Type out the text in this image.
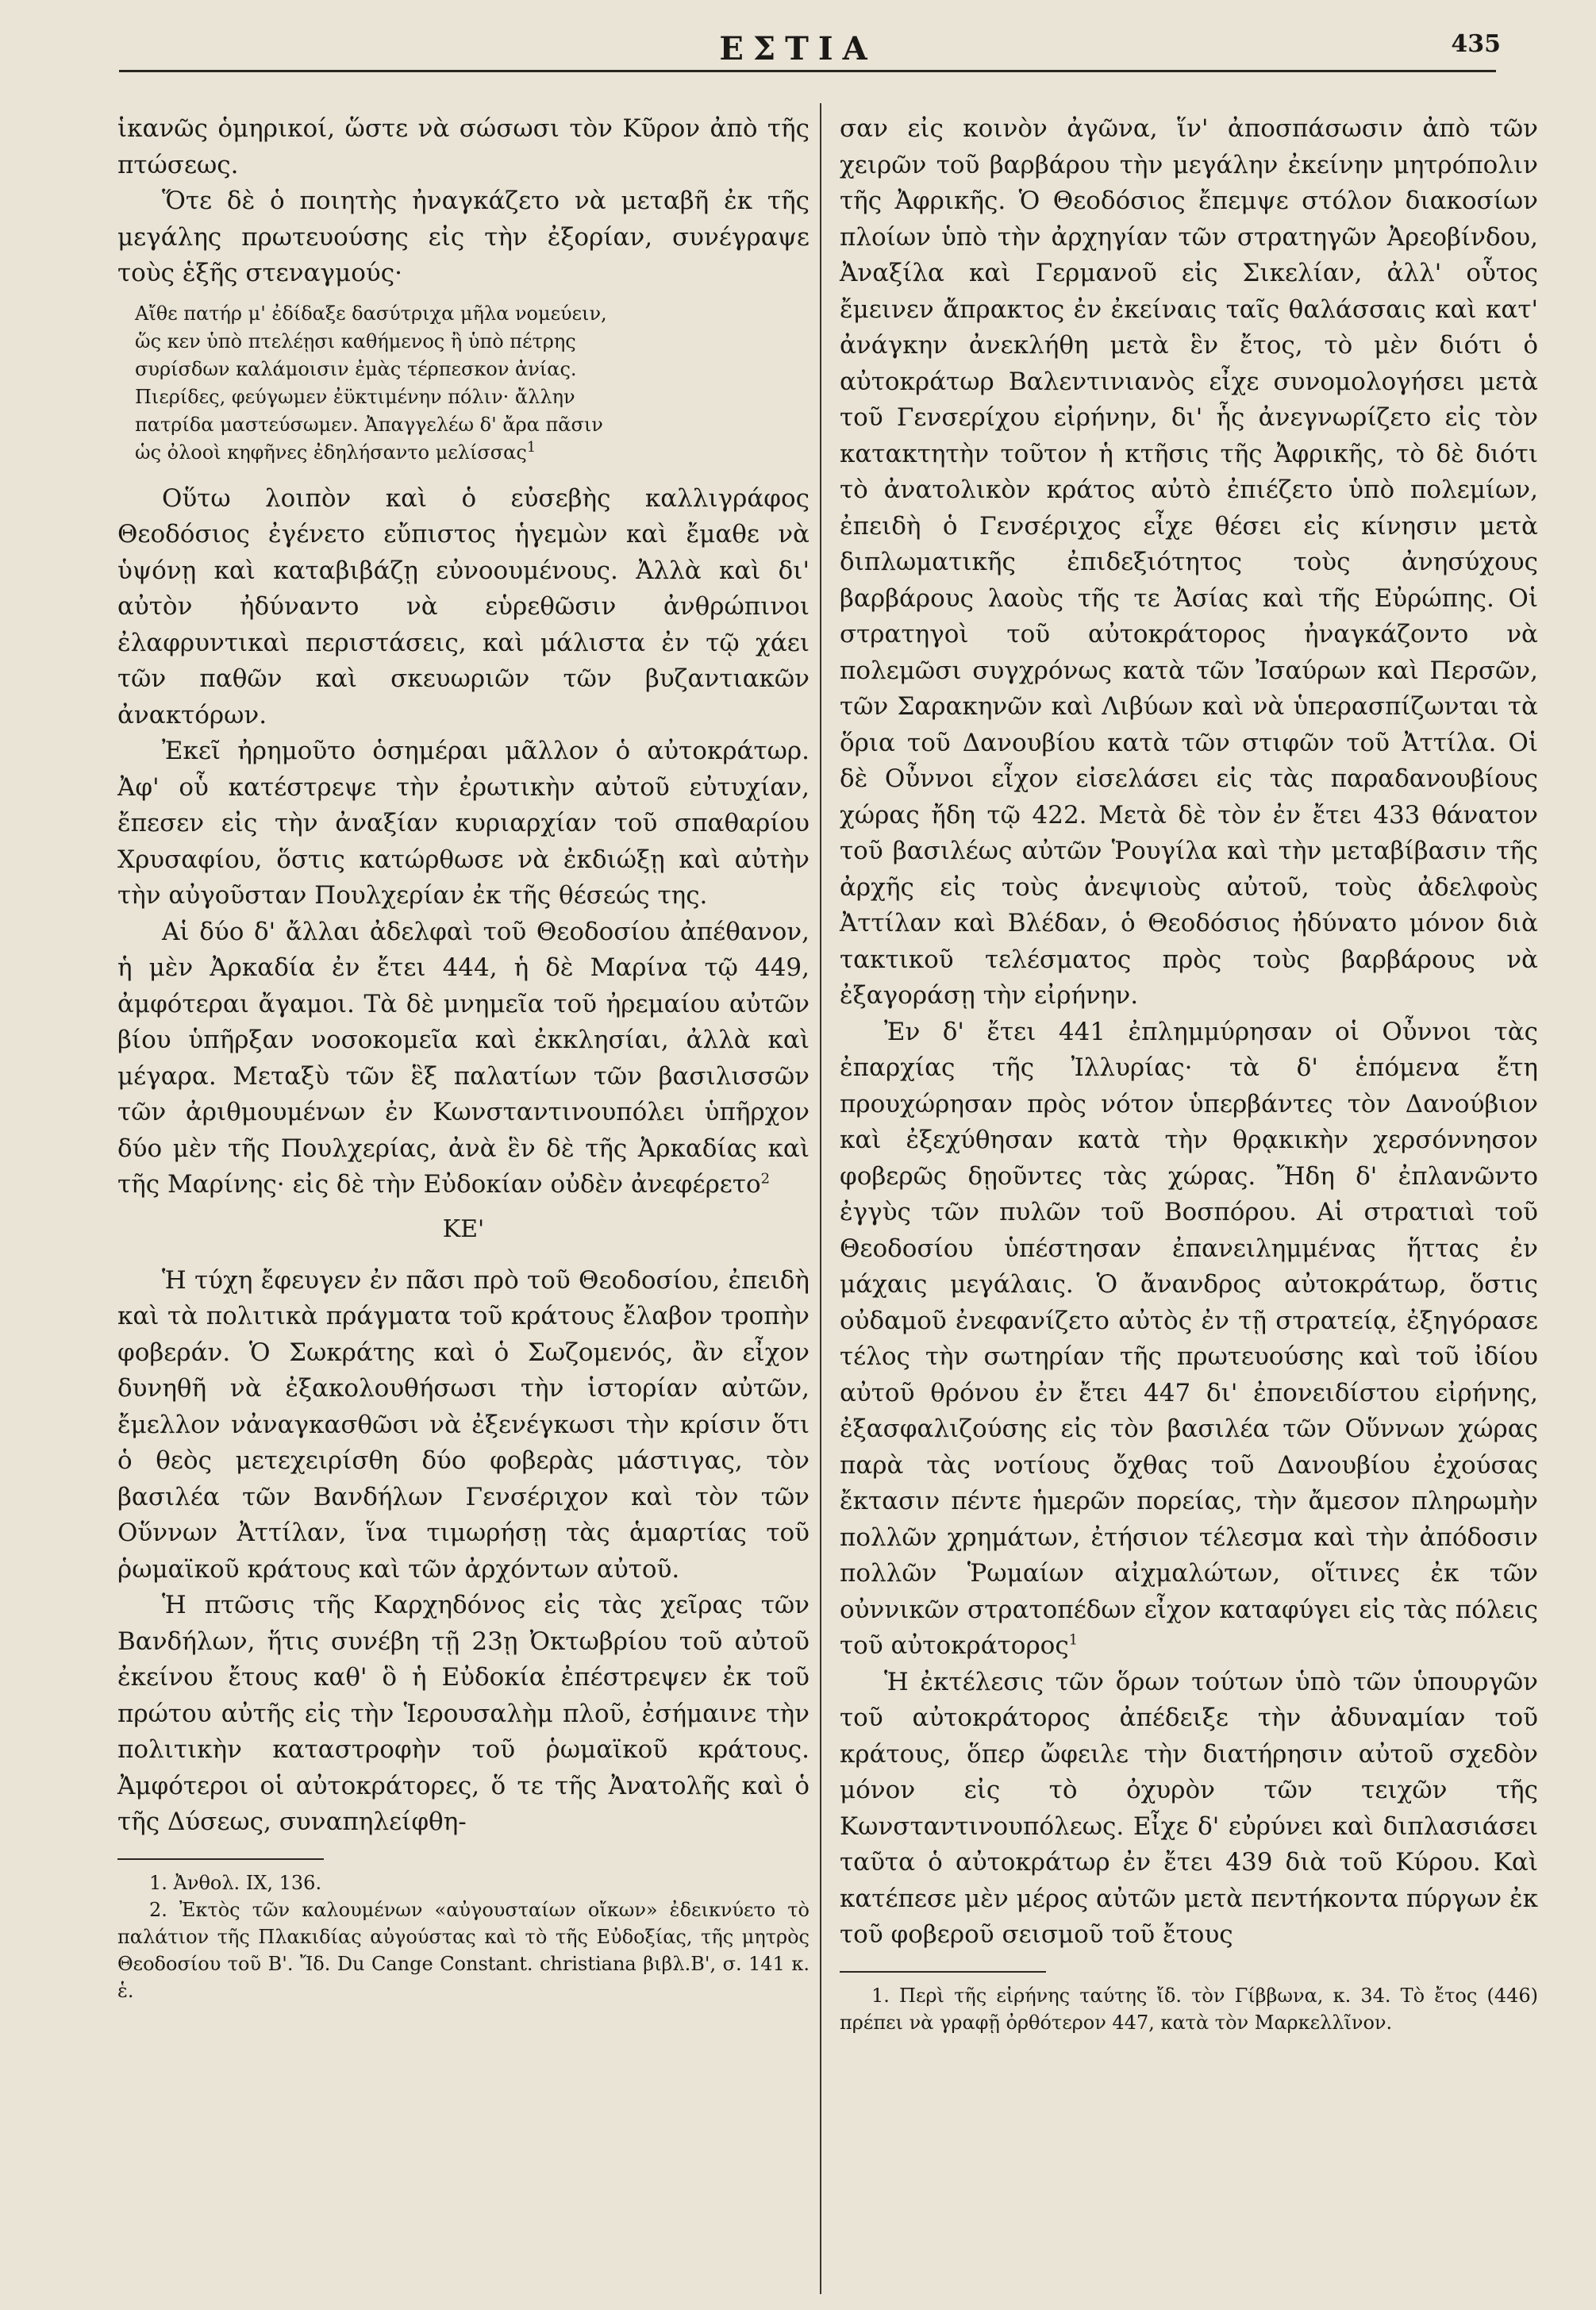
ΕΣΤΙΑ	435

ἱκανῶς ὁμηρικοί, ὥστε νὰ σώσωσι τὸν Κῦρον ἀπὸ τῆς πτώσεως.

Ὅτε δὲ ὁ ποιητὴς ἠναγκάζετο νὰ μεταβῆ ἐκ τῆς μεγάλης πρωτευούσης εἰς τὴν ἐξορίαν, συνέγραψε τοὺς ἑξῆς στεναγμούς·

Αἴθε πατήρ μ' ἐδίδαξε δασύτριχα μῆλα νομεύειν,
ὥς κεν ὑπὸ πτελέῃσι καθήμενος ἢ ὑπὸ πέτρης
συρίσδων καλάμοισιν ἐμὰς τέρπεσκον ἀνίας.
Πιερίδες, φεύγωμεν ἐϋκτιμένην πόλιν· ἄλλην
πατρίδα μαστεύσωμεν. Ἀπαγγελέω δ' ἄρα πᾶσιν
ὡς ὀλοοὶ κηφῆνες ἐδηλήσαντο μελίσσας$^1$

Οὕτω λοιπὸν καὶ ὁ εὐσεβὴς καλλιγράφος Θεοδόσιος ἐγένετο εὔπιστος ἡγεμὼν καὶ ἔμαθε νὰ ὑψόνῃ καὶ καταβιβάζῃ εὐνοουμένους. Ἀλλὰ καὶ δι' αὐτὸν ἠδύναντο νὰ εὑρεθῶσιν ἀνθρώπινοι ἐλαφρυντικαὶ περιστάσεις, καὶ μάλιστα ἐν τῷ χάει τῶν παθῶν καὶ σκευωριῶν τῶν βυζαντιακῶν ἀνακτόρων.

Ἐκεῖ ἠρημοῦτο ὁσημέραι μᾶλλον ὁ αὐτοκράτωρ. Ἀφ' οὗ κατέστρεψε τὴν ἐρωτικὴν αὐτοῦ εὐτυχίαν, ἔπεσεν εἰς τὴν ἀναξίαν κυριαρχίαν τοῦ σπαθαρίου Χρυσαφίου, ὅστις κατώρθωσε νὰ ἐκδιώξῃ καὶ αὐτὴν τὴν αὐγοῦσταν Πουλχερίαν ἐκ τῆς θέσεώς της.

Αἱ δύο δ' ἄλλαι ἀδελφαὶ τοῦ Θεοδοσίου ἀπέθανον, ἡ μὲν Ἀρκαδία ἐν ἔτει 444, ἡ δὲ Μαρίνα τῷ 449, ἀμφότεραι ἄγαμοι. Τὰ δὲ μνημεῖα τοῦ ἠρεμαίου αὐτῶν βίου ὑπῆρξαν νοσοκομεῖα καὶ ἐκκλησίαι, ἀλλὰ καὶ μέγαρα. Μεταξὺ τῶν ἓξ παλατίων τῶν βασιλισσῶν τῶν ἀριθμουμένων ἐν Κωνσταντινουπόλει ὑπῆρχον δύο μὲν τῆς Πουλχερίας, ἀνὰ ἓν δὲ τῆς Ἀρκαδίας καὶ τῆς Μαρίνης· εἰς δὲ τὴν Εὐδοκίαν οὐδὲν ἀνεφέρετο$^2$

ΚΕ'

Ἡ τύχη ἔφευγεν ἐν πᾶσι πρὸ τοῦ Θεοδοσίου, ἐπειδὴ καὶ τὰ πολιτικὰ πράγματα τοῦ κράτους ἔλαβον τροπὴν φοβεράν. Ὁ Σωκράτης καὶ ὁ Σωζομενός, ἂν εἶχον δυνηθῆ νὰ ἐξακολουθήσωσι τὴν ἱστορίαν αὐτῶν, ἔμελλον νἀναγκασθῶσι νὰ ἐξενέγκωσι τὴν κρίσιν ὅτι ὁ θεὸς μετεχειρίσθη δύο φοβερὰς μάστιγας, τὸν βασιλέα τῶν Βανδήλων Γενσέριχον καὶ τὸν τῶν Οὕννων Ἀττίλαν, ἵνα τιμωρήσῃ τὰς ἁμαρτίας τοῦ ῥωμαϊκοῦ κράτους καὶ τῶν ἀρχόντων αὐτοῦ.

Ἡ πτῶσις τῆς Καρχηδόνος εἰς τὰς χεῖρας τῶν Βανδήλων, ἥτις συνέβη τῇ 23ῃ Ὀκτωβρίου τοῦ αὐτοῦ ἐκείνου ἔτους καθ' ὃ ἡ Εὐδοκία ἐπέστρεψεν ἐκ τοῦ πρώτου αὐτῆς εἰς τὴν Ἱερουσαλὴμ πλοῦ, ἐσήμαινε τὴν πολιτικὴν καταστροφὴν τοῦ ῥωμαϊκοῦ κράτους. Ἀμφότεροι οἱ αὐτοκράτορες, ὅ τε τῆς Ἀνατολῆς καὶ ὁ τῆς Δύσεως, συναπηλείφθη-

1. Ἀνθολ. IX, 136.

2. Ἐκτὸς τῶν καλουμένων «αὐγουσταίων οἴκων» ἐδεικνύετο τὸ παλάτιον τῆς Πλακιδίας αὐγούστας καὶ τὸ τῆς Εὐδοξίας, τῆς μητρὸς Θεοδοσίου τοῦ Β'. Ἴδ. Du Cange Constant. christiana βιβλ.Β', σ. 141 κ. ἑ.

σαν εἰς κοινὸν ἀγῶνα, ἵν' ἀποσπάσωσιν ἀπὸ τῶν χειρῶν τοῦ βαρβάρου τὴν μεγάλην ἐκείνην μητρόπολιν τῆς Ἀφρικῆς. Ὁ Θεοδόσιος ἔπεμψε στόλον διακοσίων πλοίων ὑπὸ τὴν ἀρχηγίαν τῶν στρατηγῶν Ἀρεοβίνδου, Ἀναξίλα καὶ Γερμανοῦ εἰς Σικελίαν, ἀλλ' οὗτος ἔμεινεν ἄπρακτος ἐν ἐκείναις ταῖς θαλάσσαις καὶ κατ' ἀνάγκην ἀνεκλήθη μετὰ ἓν ἔτος, τὸ μὲν διότι ὁ αὐτοκράτωρ Βαλεντινιανὸς εἶχε συνομολογήσει μετὰ τοῦ Γενσερίχου εἰρήνην, δι' ἧς ἀνεγνωρίζετο εἰς τὸν κατακτητὴν τοῦτον ἡ κτῆσις τῆς Ἀφρικῆς, τὸ δὲ διότι τὸ ἀνατολικὸν κράτος αὐτὸ ἐπιέζετο ὑπὸ πολεμίων, ἐπειδὴ ὁ Γενσέριχος εἶχε θέσει εἰς κίνησιν μετὰ διπλωματικῆς ἐπιδεξιότητος τοὺς ἀνησύχους βαρβάρους λαοὺς τῆς τε Ἀσίας καὶ τῆς Εὐρώπης. Οἱ στρατηγοὶ τοῦ αὐτοκράτορος ἠναγκάζοντο νὰ πολεμῶσι συγχρόνως κατὰ τῶν Ἰσαύρων καὶ Περσῶν, τῶν Σαρακηνῶν καὶ Λιβύων καὶ νὰ ὑπερασπίζωνται τὰ ὅρια τοῦ Δανουβίου κατὰ τῶν στιφῶν τοῦ Ἀττίλα. Οἱ δὲ Οὖννοι εἶχον εἰσελάσει εἰς τὰς παραδανουβίους χώρας ἤδη τῷ 422. Μετὰ δὲ τὸν ἐν ἔτει 433 θάνατον τοῦ βασιλέως αὐτῶν Ῥουγίλα καὶ τὴν μεταβίβασιν τῆς ἀρχῆς εἰς τοὺς ἀνεψιοὺς αὐτοῦ, τοὺς ἀδελφοὺς Ἀττίλαν καὶ Βλέδαν, ὁ Θεοδόσιος ἠδύνατο μόνον διὰ τακτικοῦ τελέσματος πρὸς τοὺς βαρβάρους νὰ ἐξαγοράσῃ τὴν εἰρήνην.

Ἐν δ' ἔτει 441 ἐπλημμύρησαν οἱ Οὖννοι τὰς ἐπαρχίας τῆς Ἰλλυρίας· τὰ δ' ἑπόμενα ἔτη προυχώρησαν πρὸς νότον ὑπερβάντες τὸν Δανούβιον καὶ ἐξεχύθησαν κατὰ τὴν θρᾳκικὴν χερσόννησον φοβερῶς δῃοῦντες τὰς χώρας. Ἤδη δ' ἐπλανῶντο ἐγγὺς τῶν πυλῶν τοῦ Βοσπόρου. Αἱ στρατιαὶ τοῦ Θεοδοσίου ὑπέστησαν ἐπανειλημμένας ἥττας ἐν μάχαις μεγάλαις. Ὁ ἄνανδρος αὐτοκράτωρ, ὅστις οὐδαμοῦ ἐνεφανίζετο αὐτὸς ἐν τῇ στρατείᾳ, ἐξηγόρασε τέλος τὴν σωτηρίαν τῆς πρωτευούσης καὶ τοῦ ἰδίου αὐτοῦ θρόνου ἐν ἔτει 447 δι' ἐπονειδίστου εἰρήνης, ἐξασφαλιζούσης εἰς τὸν βασιλέα τῶν Οὕννων χώρας παρὰ τὰς νοτίους ὄχθας τοῦ Δανουβίου ἐχούσας ἔκτασιν πέντε ἡμερῶν πορείας, τὴν ἄμεσον πληρωμὴν πολλῶν χρημάτων, ἐτήσιον τέλεσμα καὶ τὴν ἀπόδοσιν πολλῶν Ῥωμαίων αἰχμαλώτων, οἵτινες ἐκ τῶν οὐννικῶν στρατοπέδων εἶχον καταφύγει εἰς τὰς πόλεις τοῦ αὐτοκράτορος$^1$

Ἡ ἐκτέλεσις τῶν ὅρων τούτων ὑπὸ τῶν ὑπουργῶν τοῦ αὐτοκράτορος ἀπέδειξε τὴν ἀδυναμίαν τοῦ κράτους, ὅπερ ὤφειλε τὴν διατήρησιν αὐτοῦ σχεδὸν μόνον εἰς τὸ ὀχυρὸν τῶν τειχῶν τῆς Κωνσταντινουπόλεως. Εἶχε δ' εὐρύνει καὶ διπλασιάσει ταῦτα ὁ αὐτοκράτωρ ἐν ἔτει 439 διὰ τοῦ Κύρου. Καὶ κατέπεσε μὲν μέρος αὐτῶν μετὰ πεντήκοντα πύργων ἐκ τοῦ φοβεροῦ σεισμοῦ τοῦ ἔτους

1. Περὶ τῆς εἰρήνης ταύτης ἴδ. τὸν Γίββωνα, κ. 34. Τὸ ἔτος (446) πρέπει νὰ γραφῇ ὀρθότερον 447, κατὰ τὸν Μαρκελλῖνον.
